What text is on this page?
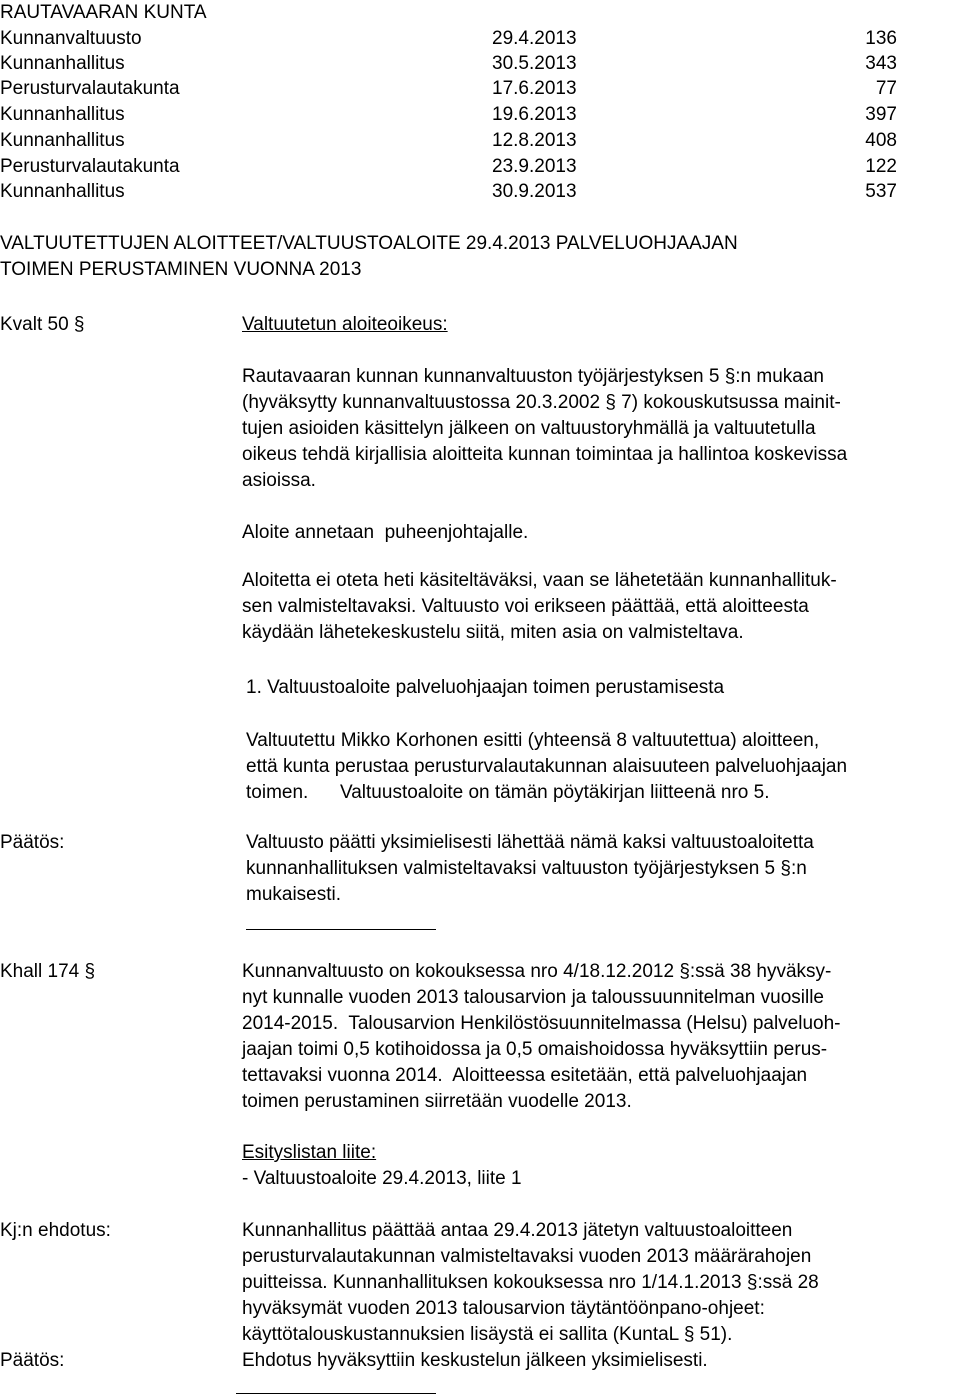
RAUTAVAARAN KUNTA
Kunnanvaltuusto	29.4.2013	136
Kunnanhallitus	30.5.2013	343
Perusturvalautakunta	17.6.2013	77
Kunnanhallitus	19.6.2013	397
Kunnanhallitus	12.8.2013	408
Perusturvalautakunta	23.9.2013	122
Kunnanhallitus	30.9.2013	537
VALTUUTETTUJEN ALOITTEET/VALTUUSTOALOITE 29.4.2013 PALVELUOHJAAJAN
TOIMEN PERUSTAMINEN VUONNA 2013
Kvalt 50 §	Valtuutetun aloiteoikeus:
Rautavaaran kunnan kunnanvaltuuston työjärjestyksen 5 §:n mukaan
(hyväksytty kunnanvaltuustossa 20.3.2002 § 7) kokouskutsussa mainit-
tujen asioiden käsittelyn jälkeen on valtuustoryhmällä ja valtuutetulla
oikeus tehdä kirjallisia aloitteita kunnan toimintaa ja hallintoa koskevissa
asioissa.
Aloite annetaan  puheenjohtajalle.
Aloitetta ei oteta heti käsiteltäväksi, vaan se lähetetään kunnanhallituk-
sen valmisteltavaksi. Valtuusto voi erikseen päättää, että aloitteesta
käydään lähetekeskustelu siitä, miten asia on valmisteltava.
1. Valtuustoaloite palveluohjaajan toimen perustamisesta
Valtuutettu Mikko Korhonen esitti (yhteensä 8 valtuutettua) aloitteen,
että kunta perustaa perusturvalautakunnan alaisuuteen palveluohjaajan
toimen.      Valtuustoaloite on tämän pöytäkirjan liitteenä nro 5.
Päätös:	Valtuusto päätti yksimielisesti lähettää nämä kaksi valtuustoaloitetta
kunnanhallituksen valmisteltavaksi valtuuston työjärjestyksen 5 §:n
mukaisesti.
Khall 174 §	Kunnanvaltuusto on kokouksessa nro 4/18.12.2012 §:ssä 38 hyväksy-
nyt kunnalle vuoden 2013 talousarvion ja taloussuunnitelman vuosille
2014-2015.  Talousarvion Henkilöstösuunnitelmassa (Helsu) palveluoh-
jaajan toimi 0,5 kotihoidossa ja 0,5 omaishoidossa hyväksyttiin perus-
tettavaksi vuonna 2014.  Aloitteessa esitetään, että palveluohjaajan
toimen perustaminen siirretään vuodelle 2013.
Esityslistan liite:
- Valtuustoaloite 29.4.2013, liite 1
Kj:n ehdotus:	Kunnanhallitus päättää antaa 29.4.2013 jätetyn valtuustoaloitteen
perusturvalautakunnan valmisteltavaksi vuoden 2013 määrärahojen
puitteissa. Kunnanhallituksen kokouksessa nro 1/14.1.2013 §:ssä 28
hyväksymät vuoden 2013 talousarvion täytäntöönpano-ohjeet:
käyttötalouskustannuksien lisäystä ei sallita (KuntaL § 51).
Päätös:	Ehdotus hyväksyttiin keskustelun jälkeen yksimielisesti.
